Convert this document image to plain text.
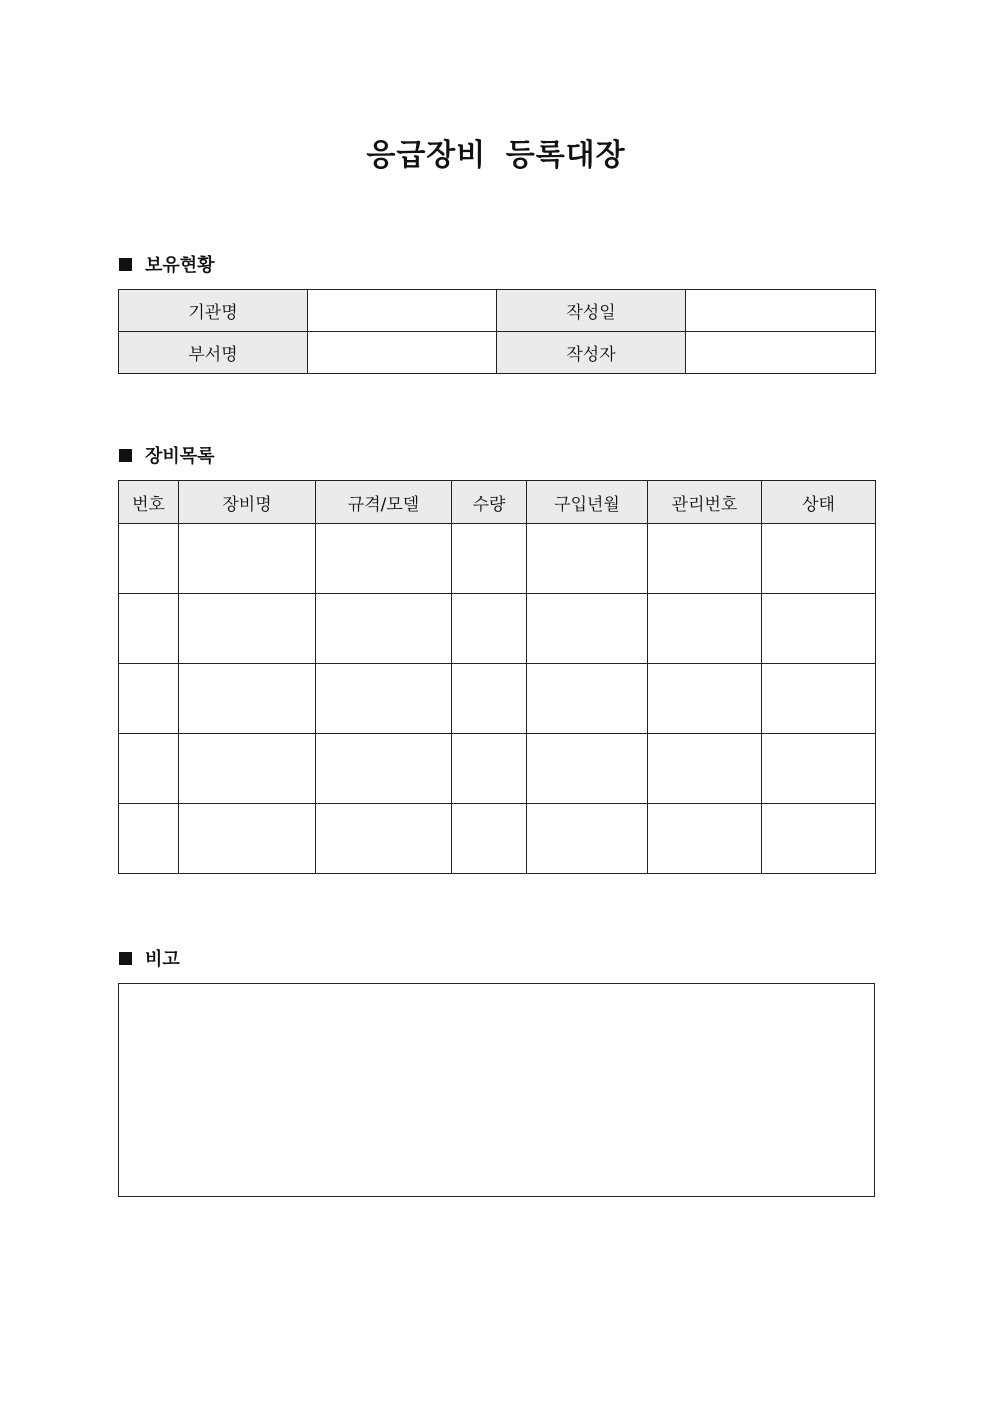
응급장비 등록대장
보유현황
기관명		작성일	
부서명		작성자	
장비목록
번호	장비명	규격/모델	수량	구입년월	관리번호	상태

비고
